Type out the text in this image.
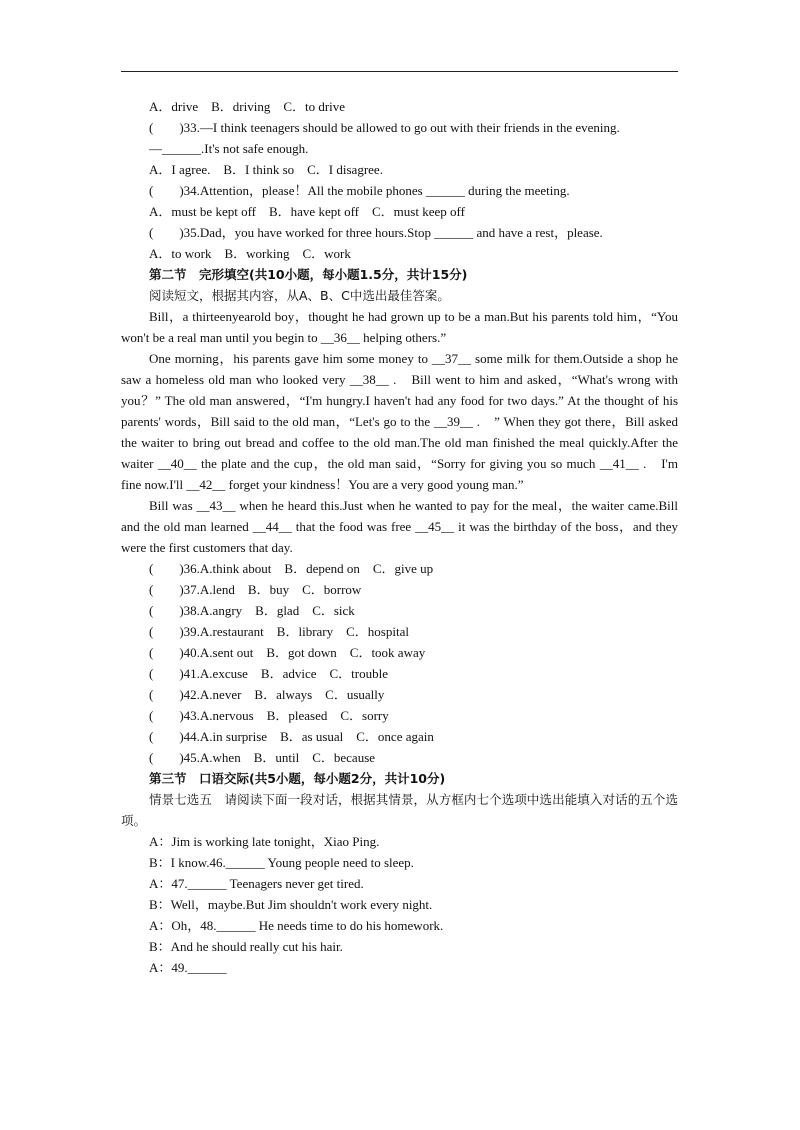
A．drive　B．driving　C．to drive

(　　)33.—I think teenagers should be allowed to go out with their friends in the evening.

—______.It's not safe enough.

A．I agree.　B．I think so　C．I disagree.

(　　)34.Attention，please！All the mobile phones ______ during the meeting.

A．must be kept off　B．have kept off　C．must keep off

(　　)35.Dad，you have worked for three hours.Stop ______ and have a rest，please.

A．to work　B．working　C．work

第二节　完形填空(共10小题，每小题1.5分，共计15分)

阅读短文，根据其内容，从A、B、C中选出最佳答案。

Bill，a thirteenyearold boy，thought he had grown up to be a man.But his parents told him，“You won't be a real man until you begin to __36__ helping others.”

One morning，his parents gave him some money to __37__ some milk for them.Outside a shop he saw a homeless old man who looked very __38__ .　Bill went to him and asked，“What's wrong with you？” The old man answered，“I'm hungry.I haven't had any food for two days.” At the thought of his parents' words，Bill said to the old man，“Let's go to the __39__ .　” When they got there，Bill asked the waiter to bring out bread and coffee to the old man.The old man finished the meal quickly.After the waiter __40__ the plate and the cup，the old man said，“Sorry for giving you so much __41__ .　I'm fine now.I'll __42__ forget your kindness！You are a very good young man.”

Bill was __43__ when he heard this.Just when he wanted to pay for the meal，the waiter came.Bill and the old man learned __44__ that the food was free __45__ it was the birthday of the boss，and they were the first customers that day.

(　　)36.A.think about　B．depend on　C．give up

(　　)37.A.lend　B．buy　C．borrow

(　　)38.A.angry　B．glad　C．sick

(　　)39.A.restaurant　B．library　C．hospital

(　　)40.A.sent out　B．got down　C．took away

(　　)41.A.excuse　B．advice　C．trouble

(　　)42.A.never　B．always　C．usually

(　　)43.A.nervous　B．pleased　C．sorry

(　　)44.A.in surprise　B．as usual　C．once again

(　　)45.A.when　B．until　C．because

第三节　口语交际(共5小题，每小题2分，共计10分)

情景七选五　请阅读下面一段对话，根据其情景，从方框内七个选项中选出能填入对话的五个选项。

A：Jim is working late tonight，Xiao Ping.

B：I know.46.______ Young people need to sleep.

A：47.______ Teenagers never get tired.

B：Well，maybe.But Jim shouldn't work every night.

A：Oh，48.______ He needs time to do his homework.

B：And he should really cut his hair.

A：49.______
